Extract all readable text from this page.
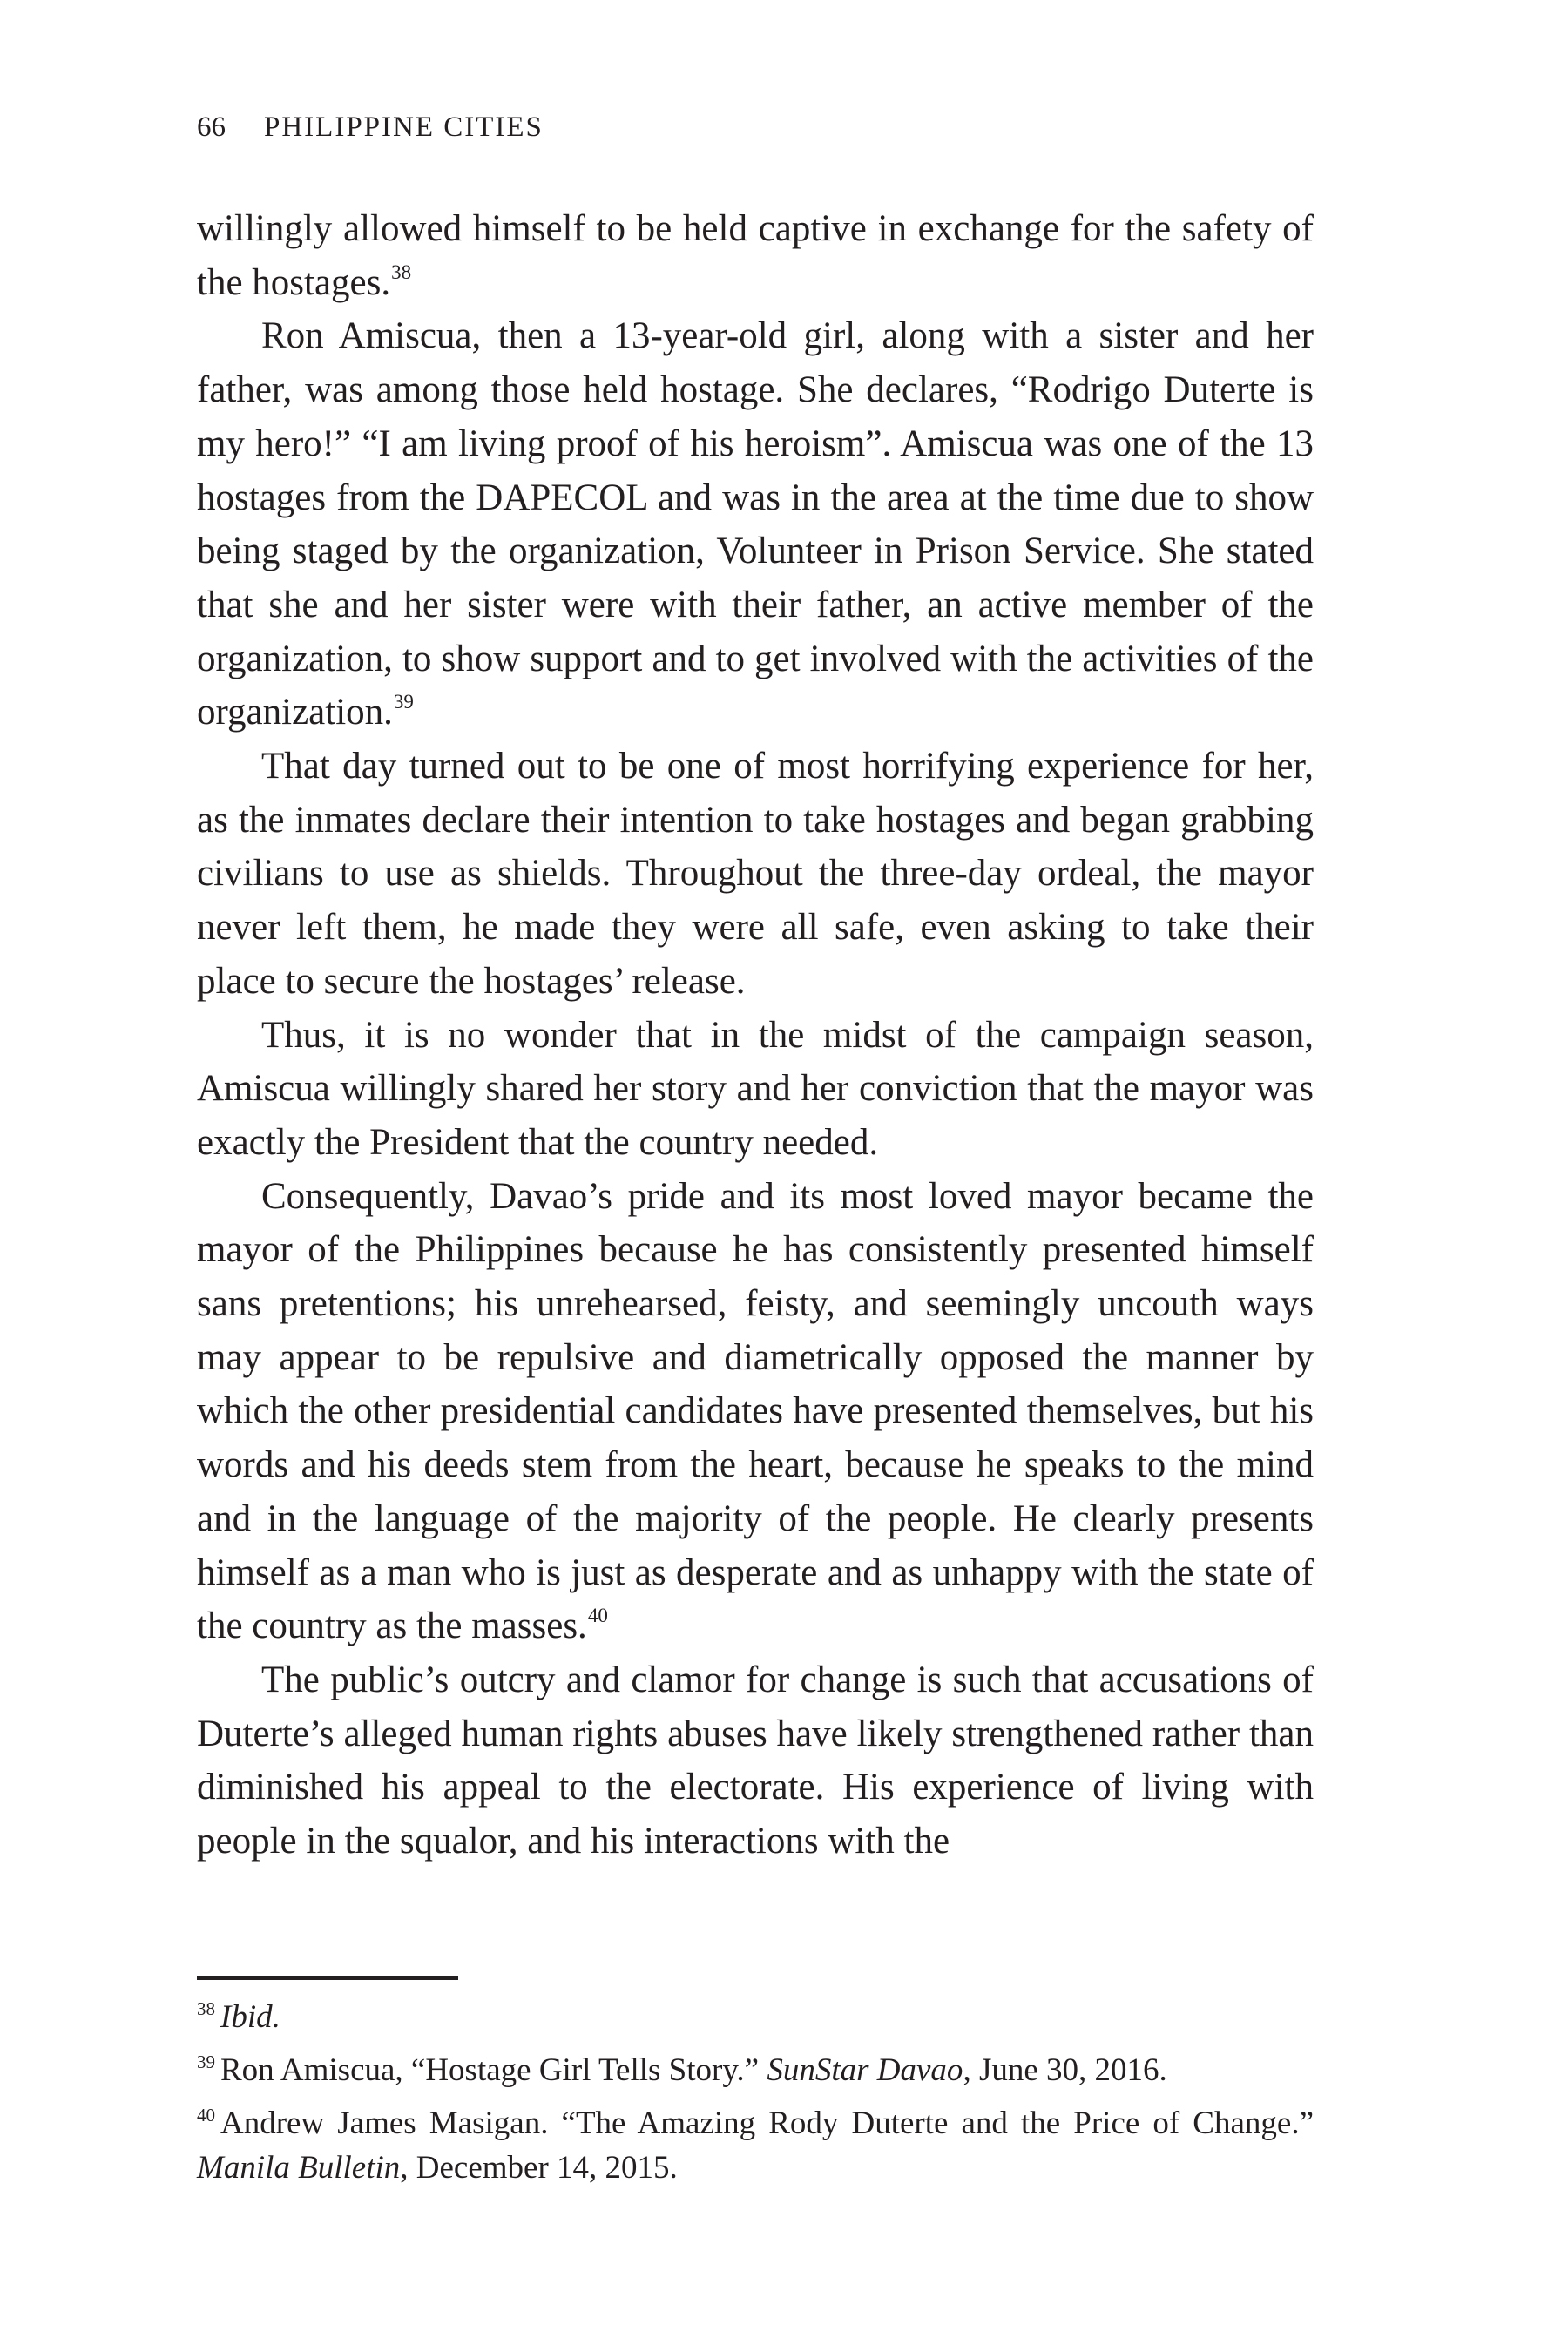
66 PHILIPPINE CITIES

willingly allowed himself to be held captive in exchange for the safety of the hostages.$^{38}$

Ron Amiscua, then a 13-year-old girl, along with a sister and her father, was among those held hostage. She declares, “Rodrigo Duterte is my hero!” “I am living proof of his heroism”. Amiscua was one of the 13 hostages from the DAPECOL and was in the area at the time due to show being staged by the organization, Volunteer in Prison Service. She stated that she and her sister were with their father, an active member of the organization, to show support and to get involved with the activities of the organization.$^{39}$

That day turned out to be one of most horrifying experience for her, as the inmates declare their intention to take hostages and began grabbing civilians to use as shields. Throughout the three-day ordeal, the mayor never left them, he made they were all safe, even asking to take their place to secure the hostages’ release.

Thus, it is no wonder that in the midst of the campaign season, Amiscua willingly shared her story and her conviction that the mayor was exactly the President that the country needed.

Consequently, Davao’s pride and its most loved mayor became the mayor of the Philippines because he has consistently presented himself sans pretentions; his unrehearsed, feisty, and seemingly uncouth ways may appear to be repulsive and diametrically opposed the manner by which the other presidential candidates have presented themselves, but his words and his deeds stem from the heart, because he speaks to the mind and in the language of the majority of the people. He clearly presents himself as a man who is just as desperate and as unhappy with the state of the country as the masses.$^{40}$

The public’s outcry and clamor for change is such that accusations of Duterte’s alleged human rights abuses have likely strengthened rather than diminished his appeal to the electorate. His experience of living with people in the squalor, and his interactions with the

$^{38}$ Ibid.

$^{39}$ Ron Amiscua, “Hostage Girl Tells Story.” SunStar Davao, June 30, 2016.

$^{40}$ Andrew James Masigan. “The Amazing Rody Duterte and the Price of Change.” Manila Bulletin, December 14, 2015.
